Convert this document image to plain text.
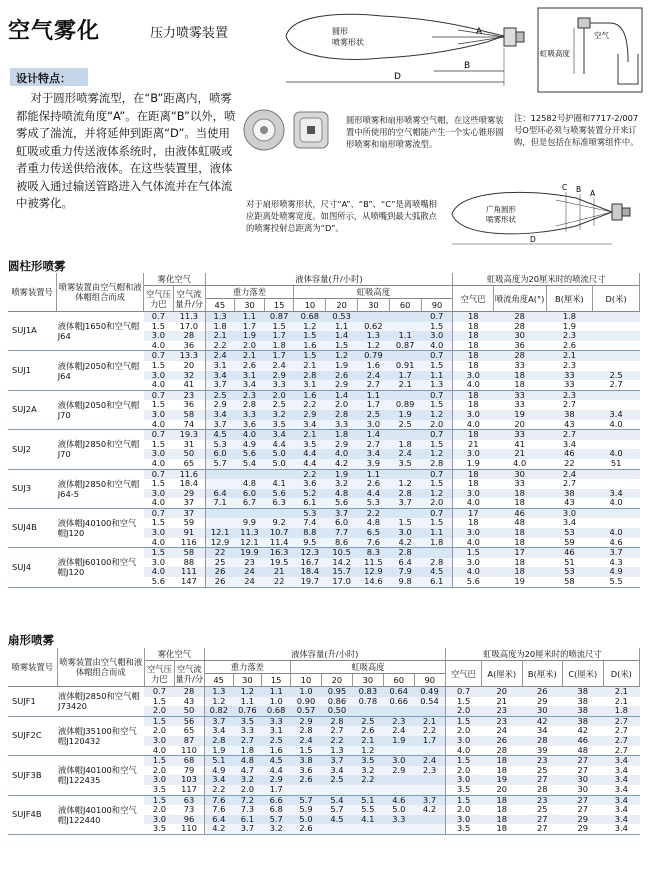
空气雾化	压力喷雾装置	圆形
喷雾形状
A
B
D
空气
虹吸高度
设计特点：
对于圆形喷雾流型，在“B”距离内，喷雾都能保持喷流角度“A”。在距离“B”以外，喷雾成了湍流，并将延伸到距离“D”。当使用虹吸或重力传送液体系统时，由液体虹吸或者重力传送供给液体。在这些装置里，液体被吸入通过输送管路进入气体流并在气体流中被雾化。
圆形喷雾和扇形喷雾空气帽，在这些喷雾装置中所使用的空气帽能产生一个实心锥形圆形喷雾和扇形喷雾流型。
注：12582号护圈和7717-2/007号O型环必须与喷雾装置分开来订购，但是包括在标准喷雾组件中。
对于扇形喷雾形状，尺寸“A”、“B”、“C”是离喷嘴相应距离处喷雾宽度。如图所示，从喷嘴到最大弧散点的喷雾投射总距离为“D”。
广角圆形
喷雾形状
C B A
D
圆柱形喷雾
喷雾装置号	喷雾装置由空气帽和液体帽组合而成	雾化空气		液体容量(升/小时)								虹吸高度为20厘米时的喷流尺寸			
		空气压力巴	空气流量升/分	重力落差			虹吸高度					空气巴	喷流角度A(°)	B(厘米)	D(米)
				45	30	15	10	20	30	60	90				
SUJ1A	液体帽J1650和空气帽J64	0.7	11.3	1.3	1.1	0.87	0.68	0.53			0.7	18	28	1.8	
		1.5	17.0	1.8	1.7	1.5	1.2	1.1	0.62		1.5	18	28	1.9	
		3.0	28	2.1	1.9	1.7	1.5	1.4	1.3	1.1	3.0	18	30	2.3	
		4.0	36	2.2	2.0	1.8	1.6	1.5	1.2	0.87	4.0	18	36	2.6	
SUJ1	液体帽J2050和空气帽J64	0.7	13.3	2.4	2.1	1.7	1.5	1.2	0.79		0.7	18	28	2.1	
		1.5	20	3.1	2.6	2.4	2.1	1.9	1.6	0.91	1.5	18	33	2.3	
		3.0	32	3.4	3.1	2.9	2.8	2.6	2.4	1.7	1.1	3.0	18	33	2.5
		4.0	41	3.7	3.4	3.3	3.1	2.9	2.7	2.1	1.3	4.0	18	33	2.7
SUJ2A	液体帽J2050和空气帽J70	0.7	23	2.5	2.3	2.0	1.6	1.4	1.1		0.7	18	33	2.3	
		1.5	36	2.9	2.8	2.5	2.2	2.0	1.7	0.89	1.5	18	33	2.7	
		3.0	58	3.4	3.3	3.2	2.9	2.8	2.5	1.9	1.2	3.0	19	38	3.4
		4.0	74	3.7	3.6	3.5	3.4	3.3	3.0	2.5	2.0	4.0	20	43	4.0
SUJ2	液体帽J2850和空气帽J70	0.7	19.3	4.5	4.0	3.4	2.1	1.8	1.4		0.7	18	33	2.7	
		1.5	31	5.3	4.9	4.4	3.5	2.9	2.7	1.8	1.5	21	41	3.4	
		3.0	50	6.0	5.6	5.0	4.4	4.0	3.4	2.4	1.2	3.0	21	46	4.0
		4.0	65	5.7	5.4	5.0	4.4	4.2	3.9	3.5	2.8	1.9	4.0	22	51
SUJ3	液体帽J2850和空气帽J64-5	0.7	11.6				2.2	1.9	1.1		0.7	18	30	2.4	
		1.5	18.4		4.8	4.1	3.6	3.2	2.6	1.2	1.5	18	33	2.7	
		3.0	29	6.4	6.0	5.6	5.2	4.8	4.4	2.8	1.2	3.0	18	38	3.4
		4.0	37	7.1	6.7	6.3	6.1	5.6	5.3	3.7	2.0	4.0	18	43	4.0
SUJ4B	液体帽J40100和空气帽J120	0.7	37				5.3	3.7	2.2		0.7	17	46	3.0	
		1.5	59		9.9	9.2	7.4	6.0	4.8	1.5	1.5	18	48	3.4	
		3.0	91	12.1	11.3	10.7	8.8	7.7	6.5	3.0	1.1	3.0	18	53	4.0
		4.0	116	12.9	12.1	11.4	9.5	8.6	7.6	4.2	1.8	4.0	18	59	4.6
SUJ4	液体帽J60100和空气帽J120	1.5	58	22	19.9	16.3	12.3	10.5	8.3	2.8		1.5	17	46	3.7
		3.0	88	25	23	19.5	16.7	14.2	11.5	6.4	2.8	3.0	18	51	4.3
		4.0	111	26	24	21	18.4	15.7	12.9	7.9	4.5	4.0	18	53	4.9
		5.6	147	26	24	22	19.7	17.0	14.6	9.8	6.1	5.6	19	58	5.5
扇形喷雾
喷雾装置号	喷雾装置由空气帽和液体帽组合而成	雾化空气		液体容量(升/小时)								虹吸高度为20厘米时的喷流尺寸				
		空气压力巴	空气流量升/分	重力落差			虹吸高度					空气巴	A(厘米)	B(厘米)	C(厘米)	D(米)
				45	30	15	10	20	30	60	90					
SUJF1	液体帽J2850和空气帽J73420	0.7	28	1.3	1.2	1.1	1.0	0.95	0.83	0.64	0.49	0.7	20	26	38	2.1
		1.5	43	1.2	1.1	1.0	0.90	0.86	0.78	0.66	0.54	1.5	21	29	38	2.1
		2.0	50	0.82	0.76	0.68	0.57	0.50				2.0	23	30	38	1.8
SUJF2C	液体帽J35100和空气帽J120432	1.5	56	3.7	3.5	3.3	2.9	2.8	2.5	2.3	2.1	1.5	23	42	38	2.7
		2.0	65	3.4	3.3	3.1	2.8	2.7	2.6	2.4	2.2	2.0	24	34	42	2.7
		3.0	87	2.8	2.7	2.5	2.4	2.2	2.1	1.9	1.7	3.0	26	28	46	2.7
		4.0	110	1.9	1.8	1.6	1.5	1.3	1.2			4.0	28	39	48	2.7
SUJF3B	液体帽J40100和空气帽J122435	1.5	68	5.1	4.8	4.5	3.8	3.7	3.5	3.0	2.4	1.5	18	23	27	3.4
		2.0	79	4.9	4.7	4.4	3.6	3.4	3.2	2.9	2.3	2.0	18	25	27	3.4
		3.0	103	3.4	3.2	2.9	2.6	2.5	2.2			3.0	19	27	30	3.4
		3.5	117	2.2	2.0	1.7						3.5	20	28	30	3.4
SUJF4B	液体帽J40100和空气帽J122440	1.5	63	7.6	7.2	6.6	5.7	5.4	5.1	4.6	3.7	1.5	18	23	27	3.4
		2.0	73	7.6	7.3	6.8	5.9	5.7	5.5	5.0	4.2	2.0	18	25	27	3.4
		3.0	96	6.4	6.1	5.7	5.0	4.5	4.1	3.3		3.0	18	27	29	3.4
		3.5	110	4.2	3.7	3.2	2.6					3.5	18	27	29	3.4
